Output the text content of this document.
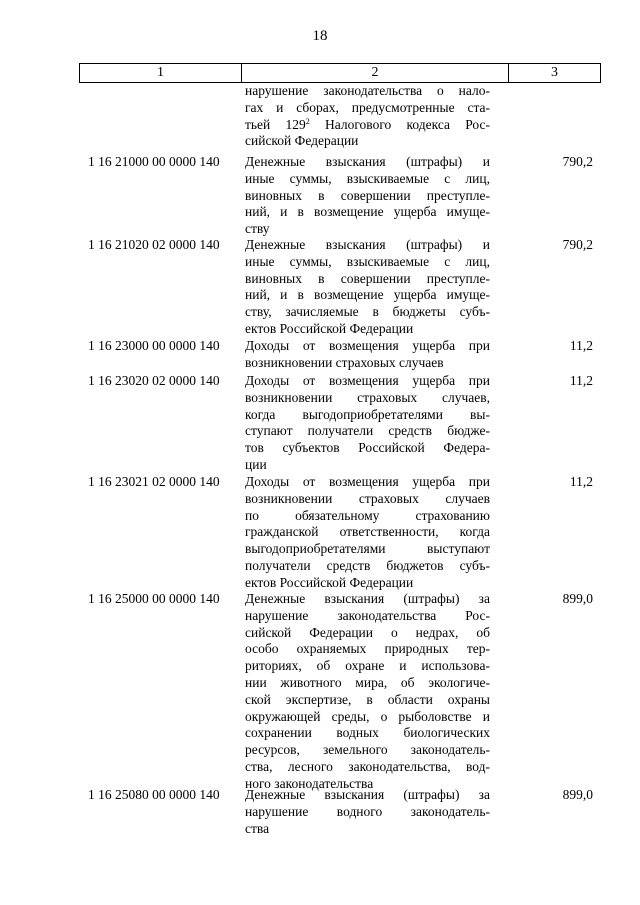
18
1	2	3
нарушение законодательства о нало-
гах и сборах, предусмотренные ста-
тьей $129^2$ Налогового кодекса Рос-
сийской Федерации
1 16 21000 00 0000 140 Денежные взыскания (штрафы) и
иные суммы, взыскиваемые с лиц,
виновных в совершении преступле-
ний, и в возмещение ущерба имуще-
ству
790,2
1 16 21020 02 0000 140 Денежные взыскания (штрафы) и
иные суммы, взыскиваемые с лиц,
виновных в совершении преступле-
ний, и в возмещение ущерба имуще-
ству, зачисляемые в бюджеты субъ-
ектов Российской Федерации
790,2
1 16 23000 00 0000 140 Доходы от возмещения ущерба при
возникновении страховых случаев
11,2
1 16 23020 02 0000 140 Доходы от возмещения ущерба при
возникновении страховых случаев,
когда выгодоприобретателями вы-
ступают получатели средств бюдже-
тов субъектов Российской Федера-
ции
11,2
1 16 23021 02 0000 140 Доходы от возмещения ущерба при
возникновении страховых случаев
по обязательному страхованию
гражданской ответственности, когда
выгодоприобретателями выступают
получатели средств бюджетов субъ-
ектов Российской Федерации
11,2
1 16 25000 00 0000 140 Денежные взыскания (штрафы) за
нарушение законодательства Рос-
сийской Федерации о недрах, об
особо охраняемых природных тер-
риториях, об охране и использова-
нии животного мира, об экологиче-
ской экспертизе, в области охраны
окружающей среды, о рыболовстве и
сохранении водных биологических
ресурсов, земельного законодатель-
ства, лесного законодательства, вод-
ного законодательства
899,0
1 16 25080 00 0000 140 Денежные взыскания (штрафы) за
нарушение водного законодатель-
ства
899,0
